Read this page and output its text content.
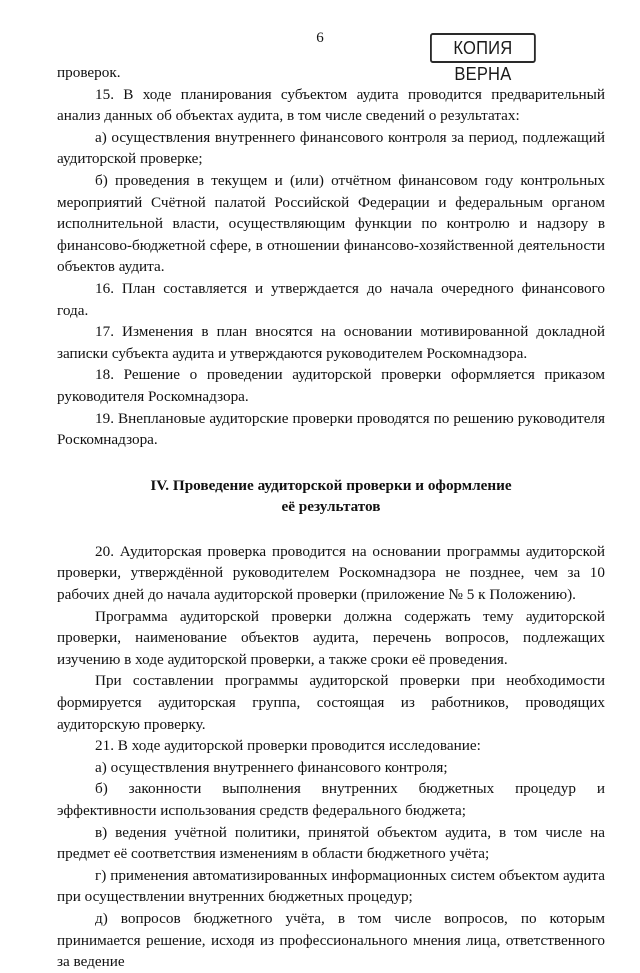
6	КОПИЯ ВЕРНА

проверок.

15. В ходе планирования субъектом аудита проводится предварительный анализ данных об объектах аудита, в том числе сведений о результатах:

а) осуществления внутреннего финансового контроля за период, подлежащий аудиторской проверке;

б) проведения в текущем и (или) отчётном финансовом году контрольных мероприятий Счётной палатой Российской Федерации и федеральным органом исполнительной власти, осуществляющим функции по контролю и надзору в финансово-бюджетной сфере, в отношении финансово-хозяйственной деятельности объектов аудита.

16. План составляется и утверждается до начала очередного финансового года.

17. Изменения в план вносятся на основании мотивированной докладной записки субъекта аудита и утверждаются руководителем Роскомнадзора.

18. Решение о проведении аудиторской проверки оформляется приказом руководителя Роскомнадзора.

19. Внеплановые аудиторские проверки проводятся по решению руководителя Роскомнадзора.

IV. Проведение аудиторской проверки и оформление

её результатов

20. Аудиторская проверка проводится на основании программы аудиторской проверки, утверждённой руководителем Роскомнадзора не позднее, чем за 10 рабочих дней до начала аудиторской проверки (приложение № 5 к Положению).

Программа аудиторской проверки должна содержать тему аудиторской проверки, наименование объектов аудита, перечень вопросов, подлежащих изучению в ходе аудиторской проверки, а также сроки её проведения.

При составлении программы аудиторской проверки при необходимости формируется аудиторская группа, состоящая из работников, проводящих аудиторскую проверку.

21. В ходе аудиторской проверки проводится исследование:

а) осуществления внутреннего финансового контроля;

б) законности выполнения внутренних бюджетных процедур и эффективности использования средств федерального бюджета;

в) ведения учётной политики, принятой объектом аудита, в том числе на предмет её соответствия изменениям в области бюджетного учёта;

г) применения автоматизированных информационных систем объектом аудита при осуществлении внутренних бюджетных процедур;

д) вопросов бюджетного учёта, в том числе вопросов, по которым принимается решение, исходя из профессионального мнения лица, ответственного за ведение
